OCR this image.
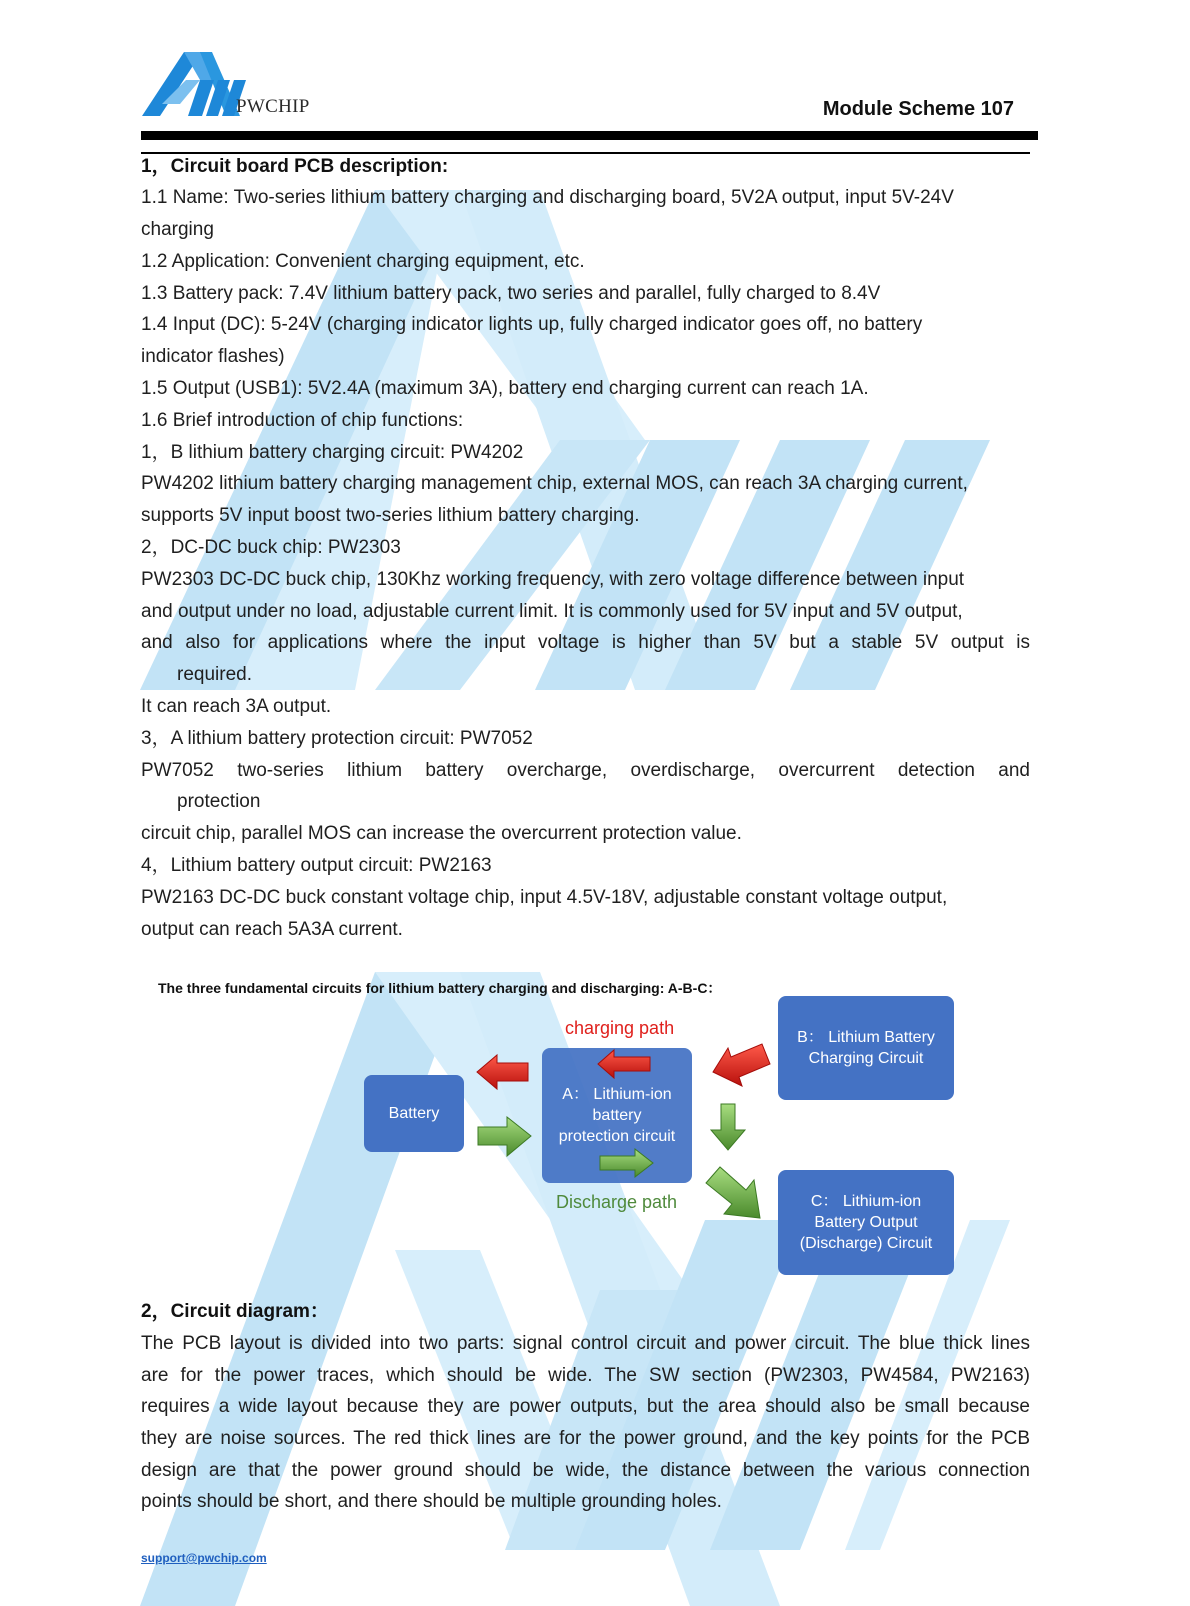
PWCHIP	Module Scheme 107
1，Circuit board PCB description:
1.1 Name: Two-series lithium battery charging and discharging board, 5V2A output, input 5V-24V
charging
1.2 Application: Convenient charging equipment, etc.
1.3 Battery pack: 7.4V lithium battery pack, two series and parallel, fully charged to 8.4V
1.4 Input (DC): 5-24V (charging indicator lights up, fully charged indicator goes off, no battery
indicator flashes)
1.5 Output (USB1): 5V2.4A (maximum 3A), battery end charging current can reach 1A.
1.6 Brief introduction of chip functions:
1，B lithium battery charging circuit: PW4202
PW4202 lithium battery charging management chip, external MOS, can reach 3A charging current,
supports 5V input boost two-series lithium battery charging.
2，DC-DC buck chip: PW2303
PW2303 DC-DC buck chip, 130Khz working frequency, with zero voltage difference between input
and output under no load, adjustable current limit. It is commonly used for 5V input and 5V output,
and also for applications where the input voltage is higher than 5V but a stable 5V output is
required.
It can reach 3A output.
3，A lithium battery protection circuit: PW7052
PW7052 two-series lithium battery overcharge, overdischarge, overcurrent detection and
protection
circuit chip, parallel MOS can increase the overcurrent protection value.
4，Lithium battery output circuit: PW2163
PW2163 DC-DC buck constant voltage chip, input 4.5V-18V, adjustable constant voltage output,
output can reach 5A3A current.
The three fundamental circuits for lithium battery charging and discharging: A-B-C：
Battery
A： Lithium-ion
battery
protection circuit
B： Lithium Battery
Charging Circuit
C： Lithium-ion
Battery Output
(Discharge) Circuit
charging path
Discharge path
2，Circuit diagram：
The PCB layout is divided into two parts: signal control circuit and power circuit. The blue thick lines
are for the power traces, which should be wide. The SW section (PW2303, PW4584, PW2163)
requires a wide layout because they are power outputs, but the area should also be small because
they are noise sources. The red thick lines are for the power ground, and the key points for the PCB
design are that the power ground should be wide, the distance between the various connection
points should be short, and there should be multiple grounding holes.
support@pwchip.com
